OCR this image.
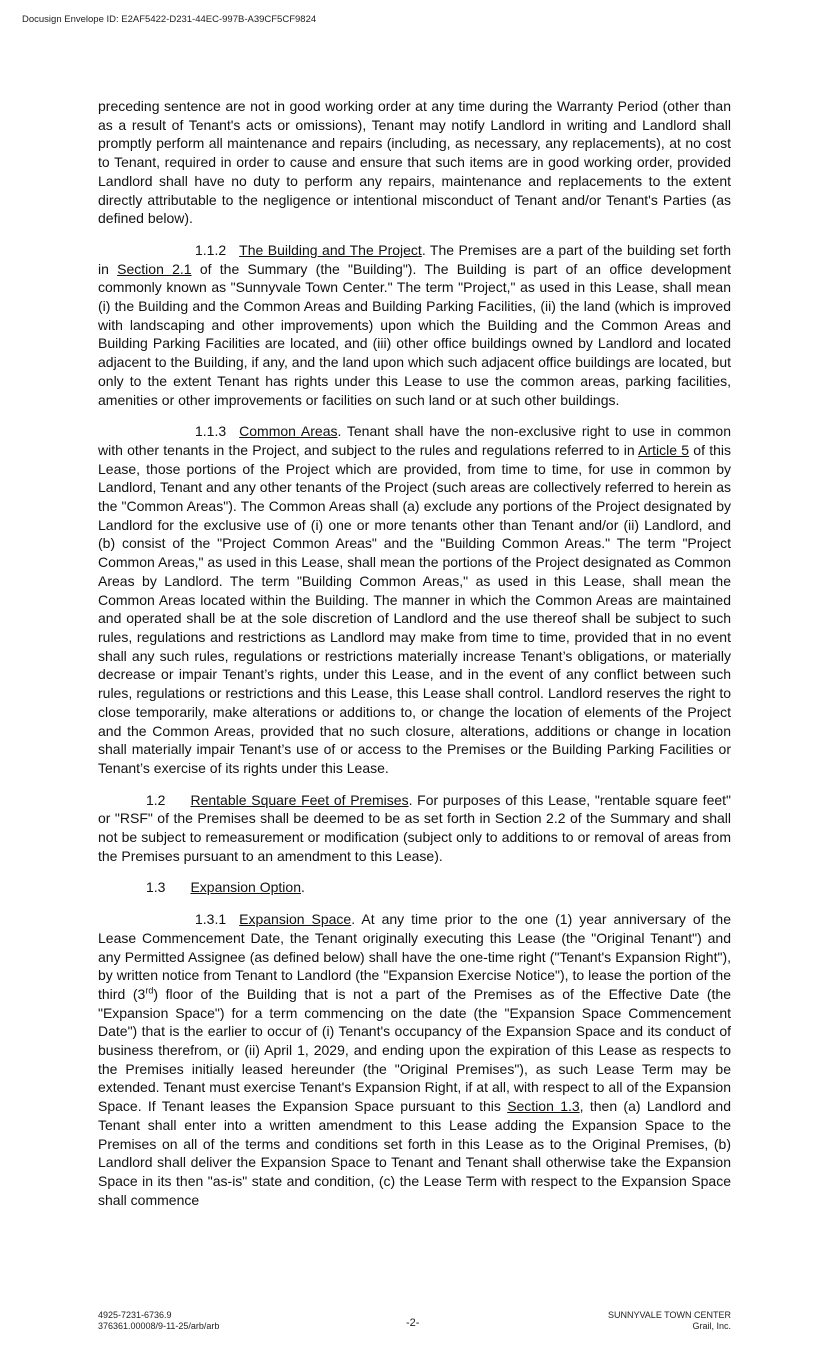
Docusign Envelope ID: E2AF5422-D231-44EC-997B-A39CF5CF9824

preceding sentence are not in good working order at any time during the Warranty Period (other than as a result of Tenant's acts or omissions), Tenant may notify Landlord in writing and Landlord shall promptly perform all maintenance and repairs (including, as necessary, any replacements), at no cost to Tenant, required in order to cause and ensure that such items are in good working order, provided Landlord shall have no duty to perform any repairs, maintenance and replacements to the extent directly attributable to the negligence or intentional misconduct of Tenant and/or Tenant's Parties (as defined below).

1.1.2 The Building and The Project. The Premises are a part of the building set forth in Section 2.1 of the Summary (the "Building"). The Building is part of an office development commonly known as "Sunnyvale Town Center." The term "Project," as used in this Lease, shall mean (i) the Building and the Common Areas and Building Parking Facilities, (ii) the land (which is improved with landscaping and other improvements) upon which the Building and the Common Areas and Building Parking Facilities are located, and (iii) other office buildings owned by Landlord and located adjacent to the Building, if any, and the land upon which such adjacent office buildings are located, but only to the extent Tenant has rights under this Lease to use the common areas, parking facilities, amenities or other improvements or facilities on such land or at such other buildings.

1.1.3 Common Areas. Tenant shall have the non-exclusive right to use in common with other tenants in the Project, and subject to the rules and regulations referred to in Article 5 of this Lease, those portions of the Project which are provided, from time to time, for use in common by Landlord, Tenant and any other tenants of the Project (such areas are collectively referred to herein as the "Common Areas"). The Common Areas shall (a) exclude any portions of the Project designated by Landlord for the exclusive use of (i) one or more tenants other than Tenant and/or (ii) Landlord, and (b) consist of the "Project Common Areas" and the "Building Common Areas." The term "Project Common Areas," as used in this Lease, shall mean the portions of the Project designated as Common Areas by Landlord. The term "Building Common Areas," as used in this Lease, shall mean the Common Areas located within the Building. The manner in which the Common Areas are maintained and operated shall be at the sole discretion of Landlord and the use thereof shall be subject to such rules, regulations and restrictions as Landlord may make from time to time, provided that in no event shall any such rules, regulations or restrictions materially increase Tenant’s obligations, or materially decrease or impair Tenant’s rights, under this Lease, and in the event of any conflict between such rules, regulations or restrictions and this Lease, this Lease shall control. Landlord reserves the right to close temporarily, make alterations or additions to, or change the location of elements of the Project and the Common Areas, provided that no such closure, alterations, additions or change in location shall materially impair Tenant’s use of or access to the Premises or the Building Parking Facilities or Tenant’s exercise of its rights under this Lease.

1.2 Rentable Square Feet of Premises. For purposes of this Lease, "rentable square feet" or "RSF" of the Premises shall be deemed to be as set forth in Section 2.2 of the Summary and shall not be subject to remeasurement or modification (subject only to additions to or removal of areas from the Premises pursuant to an amendment to this Lease).

1.3 Expansion Option.

1.3.1 Expansion Space. At any time prior to the one (1) year anniversary of the Lease Commencement Date, the Tenant originally executing this Lease (the "Original Tenant") and any Permitted Assignee (as defined below) shall have the one-time right ("Tenant's Expansion Right"), by written notice from Tenant to Landlord (the "Expansion Exercise Notice"), to lease the portion of the third (3rd) floor of the Building that is not a part of the Premises as of the Effective Date (the "Expansion Space") for a term commencing on the date (the "Expansion Space Commencement Date") that is the earlier to occur of (i) Tenant's occupancy of the Expansion Space and its conduct of business therefrom, or (ii) April 1, 2029, and ending upon the expiration of this Lease as respects to the Premises initially leased hereunder (the "Original Premises"), as such Lease Term may be extended. Tenant must exercise Tenant's Expansion Right, if at all, with respect to all of the Expansion Space. If Tenant leases the Expansion Space pursuant to this Section 1.3, then (a) Landlord and Tenant shall enter into a written amendment to this Lease adding the Expansion Space to the Premises on all of the terms and conditions set forth in this Lease as to the Original Premises, (b) Landlord shall deliver the Expansion Space to Tenant and Tenant shall otherwise take the Expansion Space in its then "as-is" state and condition, (c) the Lease Term with respect to the Expansion Space shall commence

4925-7231-6736.9
376361.00008/9-11-25/arb/arb	-2-
SUNNYVALE TOWN CENTER
Grail, Inc.
